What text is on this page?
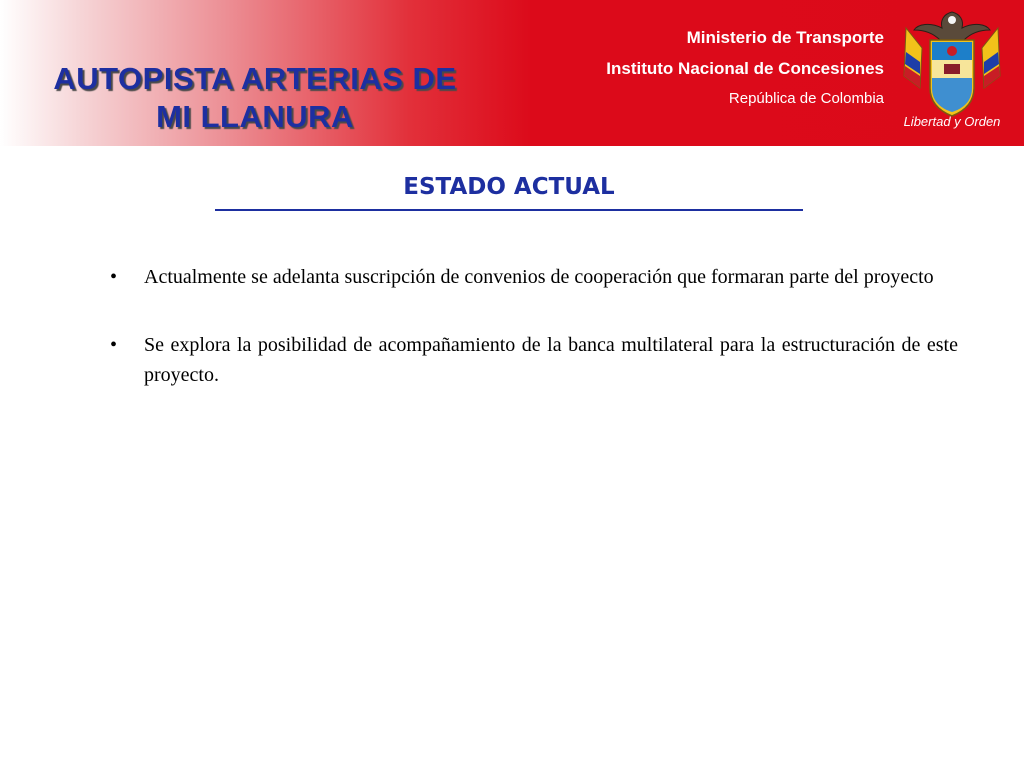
AUTOPISTA ARTERIAS DE
MI LLANURA
Ministerio de Transporte
Instituto Nacional de Concesiones
República de Colombia
Libertad y Orden
ESTADO ACTUAL
• Actualmente se adelanta suscripción de convenios de cooperación que formaran parte del proyecto
• Se explora la posibilidad de acompañamiento de la banca multilateral para la estructuración de este proyecto.
